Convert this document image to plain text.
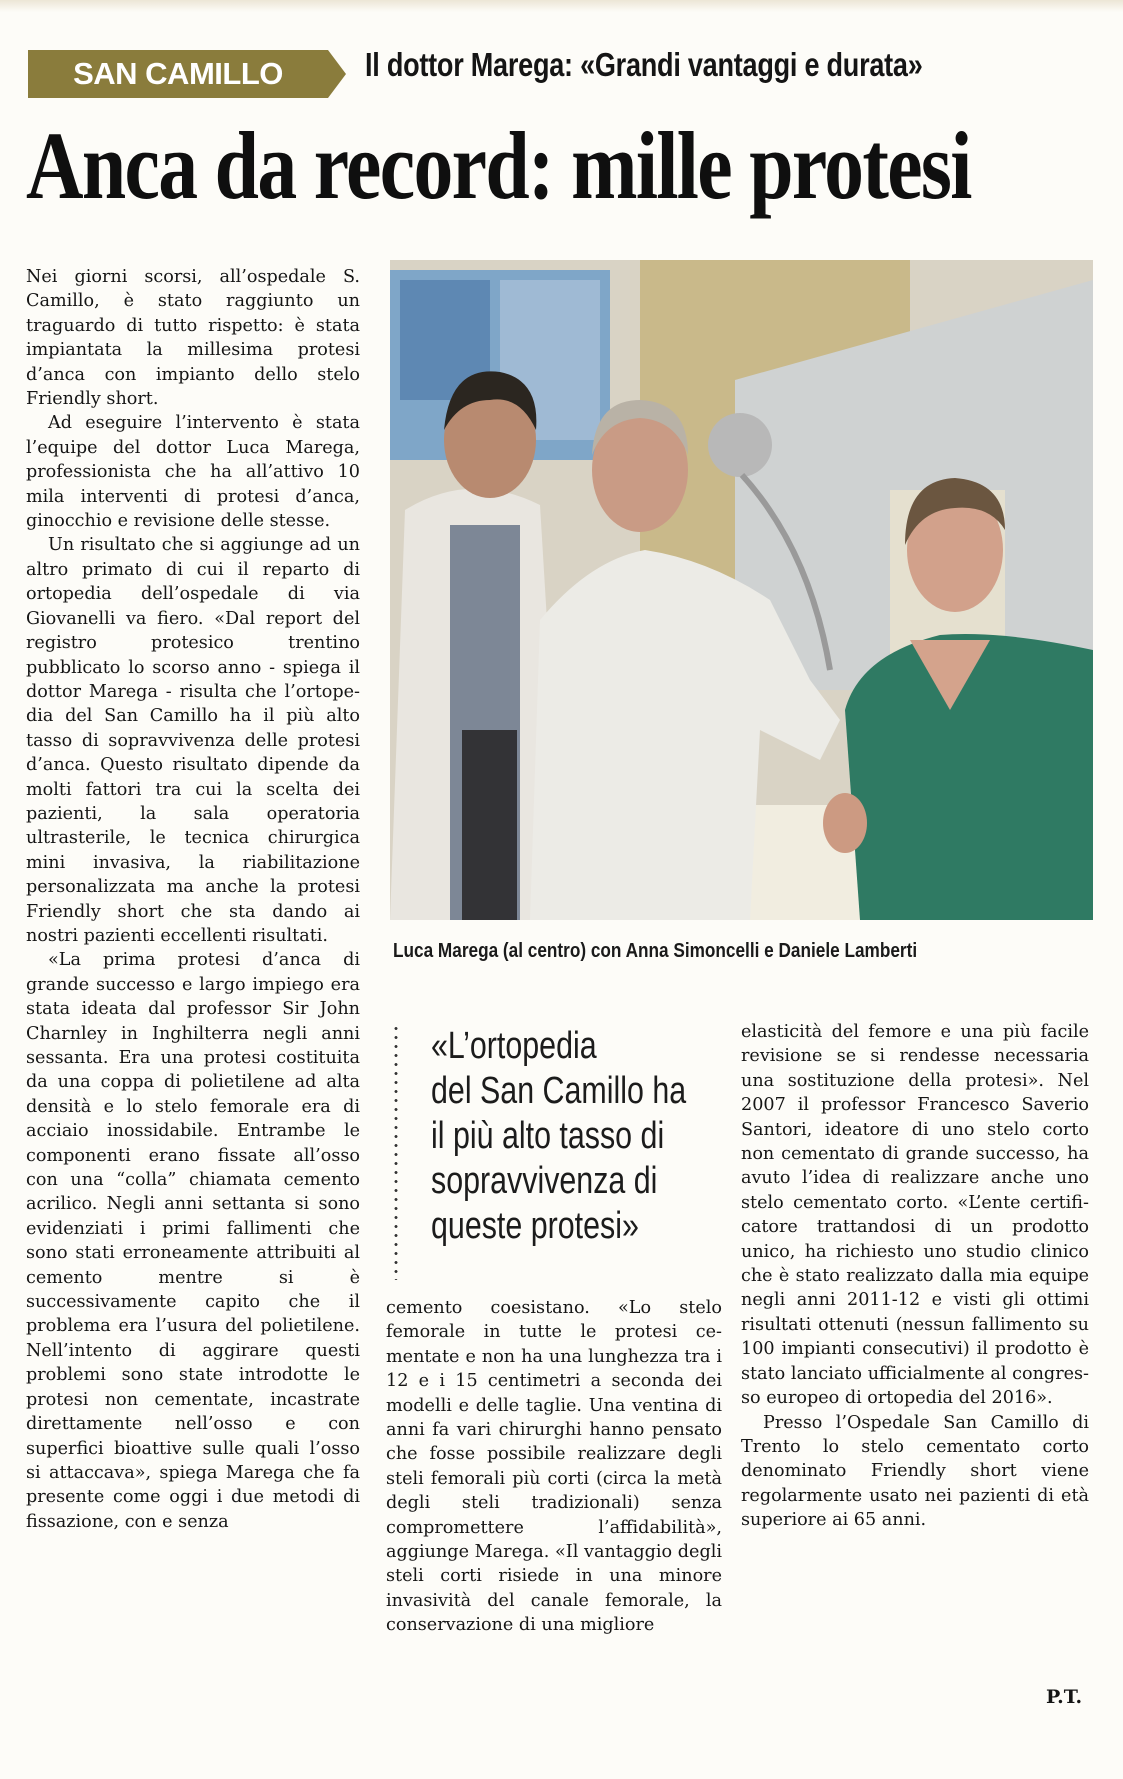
SAN CAMILLO	Il dottor Marega: «Grandi vantaggi e durata»
Anca da record: mille protesi

Nei giorni scorsi, all’ospedale S. Camillo, è stato raggiunto un traguardo di tutto rispetto: è stata impiantata la millesima protesi d’anca con impianto dello stelo Friendly short.

Ad eseguire l’intervento è stata l’equipe del dottor Luca Marega, professionista che ha all’attivo 10 mila interventi di protesi d’anca, ginocchio e revisione delle stesse.

Un risultato che si aggiunge ad un altro primato di cui il reparto di ortopedia dell’ospedale di via Giovanelli va fiero. «Dal report del registro protesico trentino pubblicato lo scorso anno - spiega il dottor Marega - risulta che l’ortopedia del San Camillo ha il più alto tasso di sopravvivenza delle protesi d’anca. Questo risultato dipende da molti fattori tra cui la scelta dei pazienti, la sala operatoria ultrasterile, le tecnica chirurgica mini invasiva, la riabilitazione personalizzata ma anche la protesi Friendly short che sta dando ai nostri pazienti eccellenti risultati.

«La prima protesi d’anca di grande successo e largo impiego era stata ideata dal professor Sir John Charnley in Inghilterra negli anni sessanta. Era una protesi costituita da una coppa di polietilene ad alta densità e lo stelo femorale era di acciaio inossidabile. Entrambe le componenti erano fissate all’osso con una “colla” chiamata cemento acrilico. Negli anni settanta si sono evidenziati i primi fallimenti che sono stati erroneamente attribuiti al cemento mentre si è successivamente capito che il problema era l’usura del polietilene. Nell’intento di aggirare questi problemi sono state introdotte le protesi non cementate, incastrate direttamente nell’osso e con superfici bioattive sulle quali l’osso si attaccava», spiega Marega che fa presente come oggi i due metodi di fissazione, con e senza

Luca Marega (al centro) con Anna Simoncelli e Daniele Lamberti
«L’ortopedia
del San Camillo ha
il più alto tasso di
sopravvivenza di
queste protesi»

cemento coesistano. «Lo stelo femorale in tutte le protesi cementate e non ha una lunghezza tra i 12 e i 15 centimetri a seconda dei modelli e delle taglie. Una ventina di anni fa vari chirurghi hanno pensato che fosse possibile realizzare degli steli femorali più corti (circa la metà degli steli tradizionali) senza compromettere l’affidabilità», aggiunge Marega. «Il vantaggio degli steli corti risiede in una minore invasività del canale femorale, la conservazione di una migliore

elasticità del femore e una più facile revisione se si rendesse necessaria una sostituzione della protesi». Nel 2007 il professor Francesco Saverio Santori, ideatore di uno stelo corto non cementato di grande successo, ha avuto l’idea di realizzare anche uno stelo cementato corto. «L’ente certificatore trattandosi di un prodotto unico, ha richiesto uno studio clinico che è stato realizzato dalla mia equipe negli anni 2011-12 e visti gli ottimi risultati ottenuti (nessun fallimento su 100 impianti consecutivi) il prodotto è stato lanciato ufficialmente al congresso europeo di ortopedia del 2016».

Presso l’Ospedale San Camillo di Trento lo stelo cementato corto denominato Friendly short viene regolarmente usato nei pazienti di età superiore ai 65 anni.

P.T.
